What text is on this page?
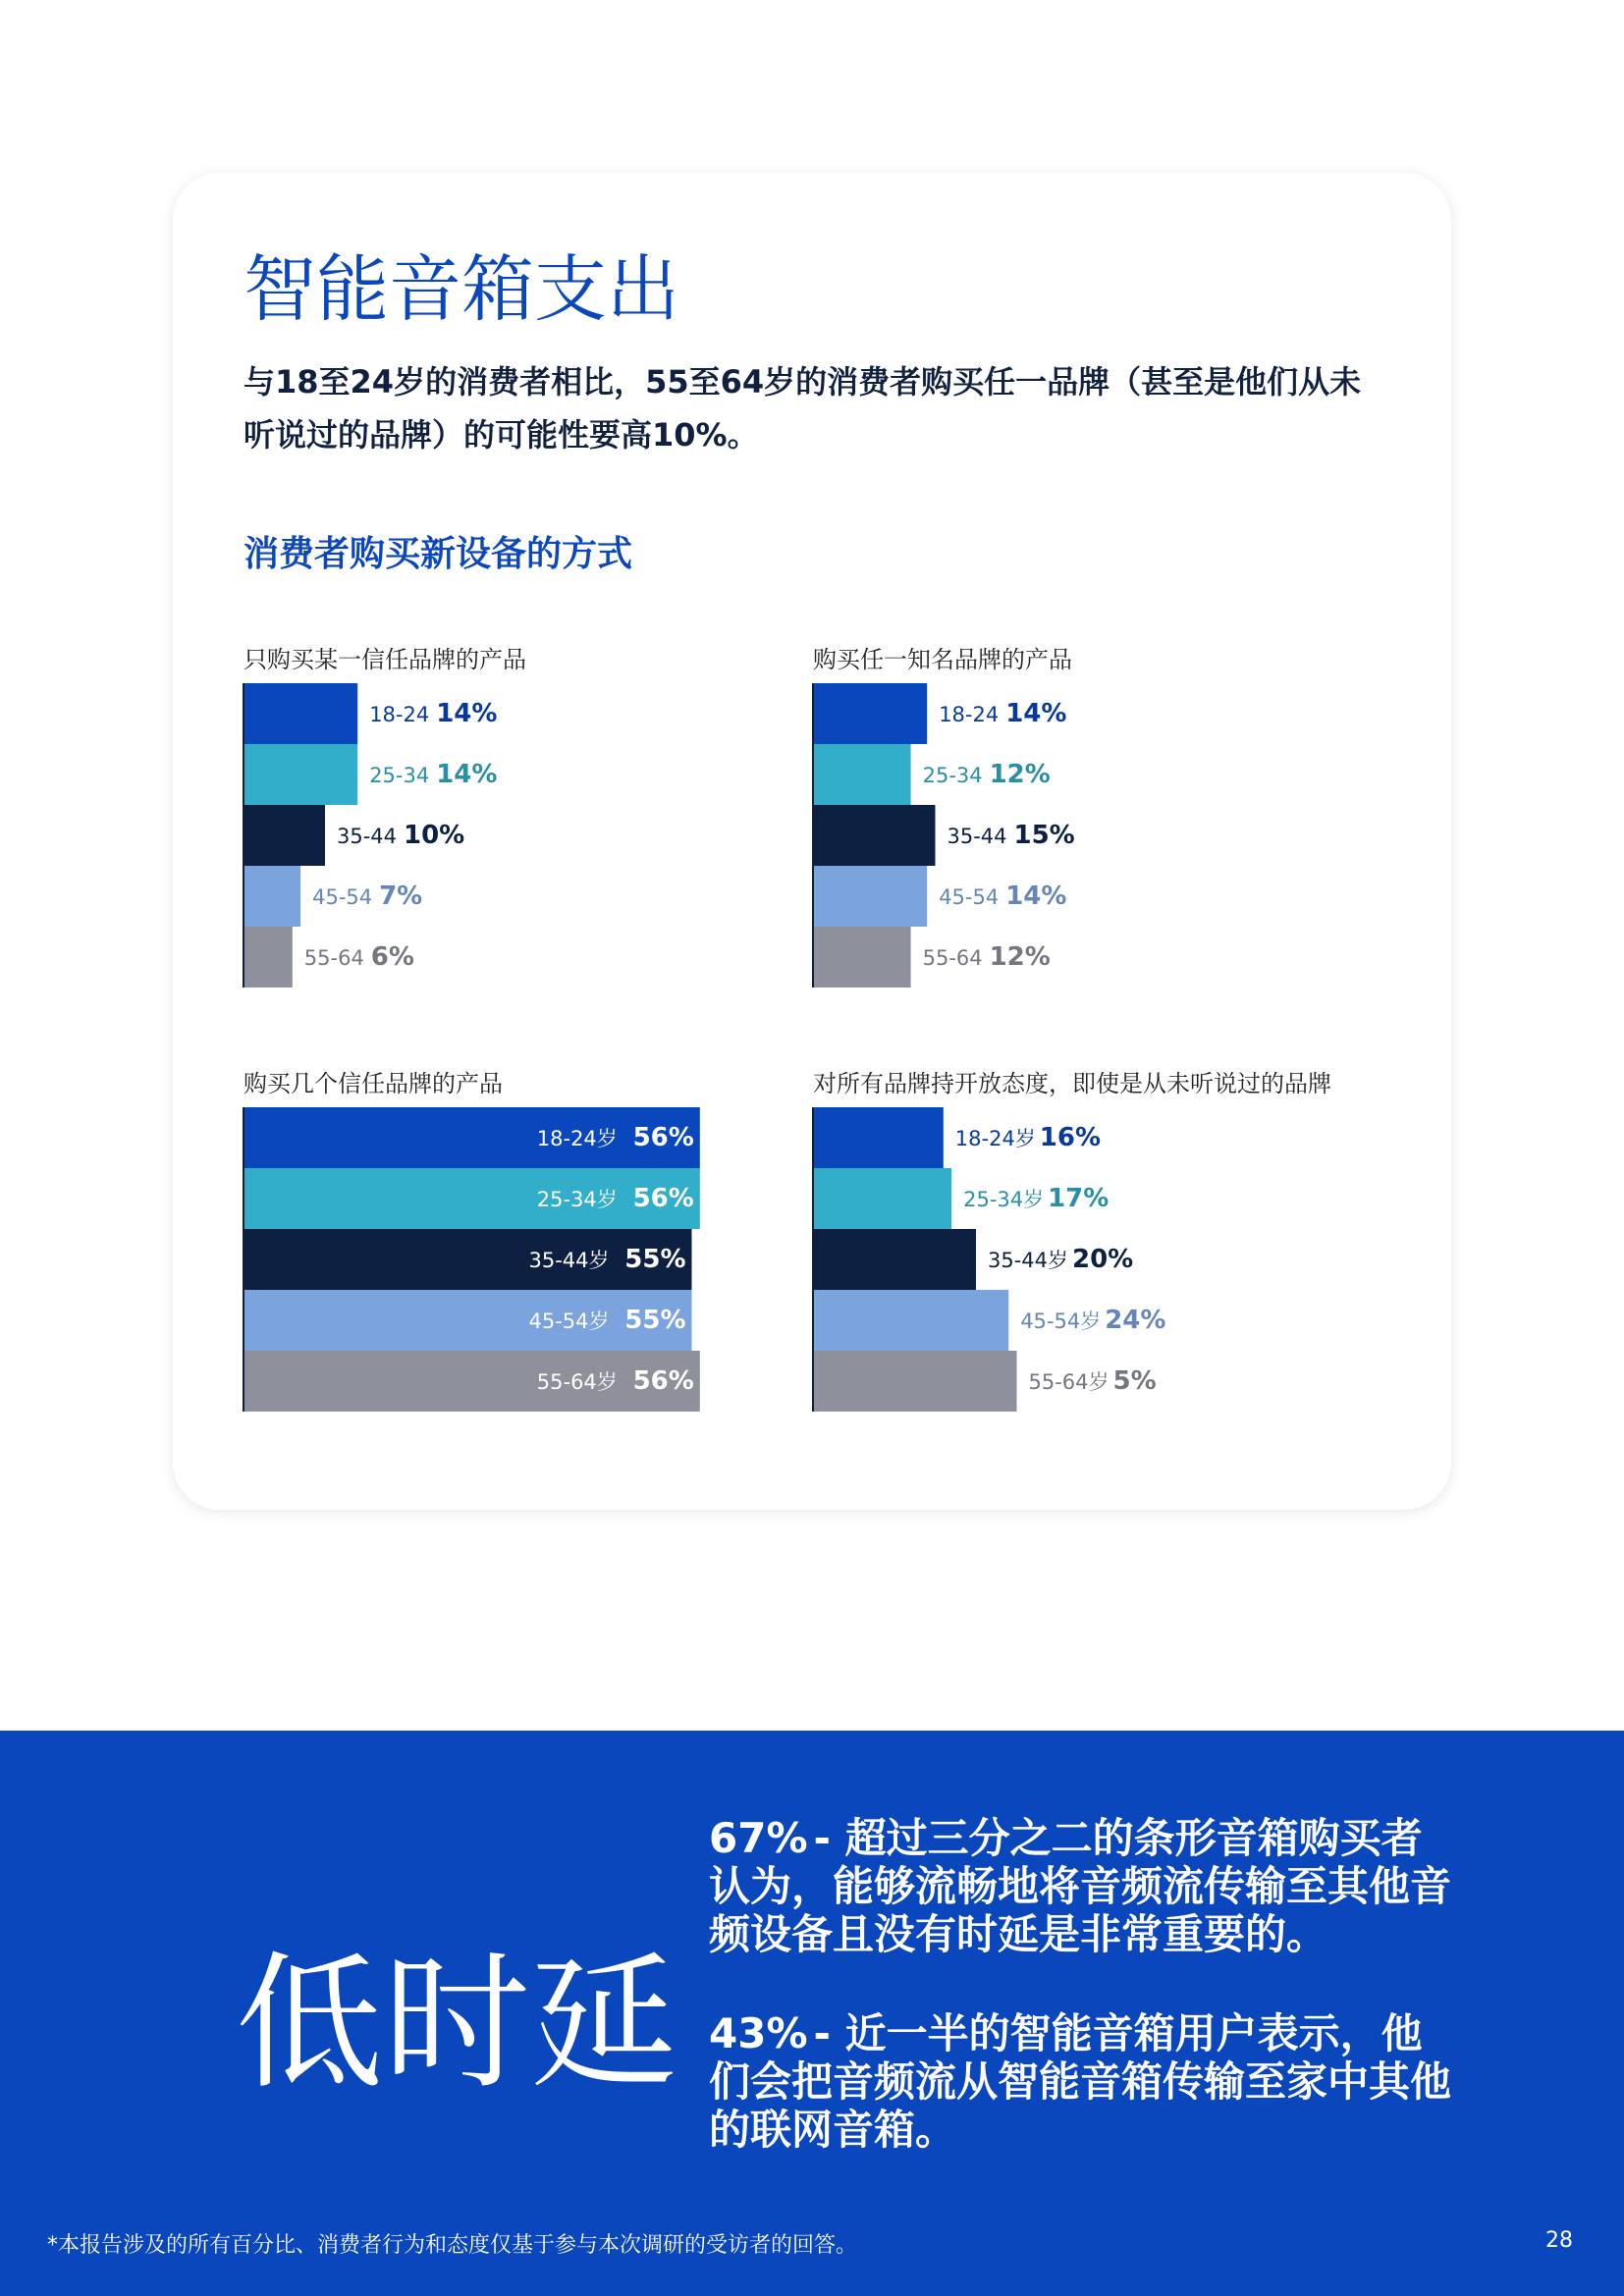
智能音箱支出

与18至24岁的消费者相比，55至64岁的消费者购买任一品牌（甚至是他们从未听说过的品牌）的可能性要高10%。

消费者购买新设备的方式

只购买某一信任品牌的产品

18-24 14%
25-34 14%
35-44 10%
45-54 7%
55-64 6%

购买任一知名品牌的产品

18-24 14%
25-34 12%
35-44 15%
45-54 14%
55-64 12%

购买几个信任品牌的产品

18-24岁 56%
25-34岁 56%
35-44岁 55%
45-54岁 55%
55-64岁 56%

对所有品牌持开放态度，即使是从未听说过的品牌

18-24岁 16%
25-34岁 17%
35-44岁 20%
45-54岁 24%
55-64岁 5%
低时延

67% - 超过三分之二的条形音箱购买者认为，能够流畅地将音频流传输至其他音频设备且没有时延是非常重要的。

43% - 近一半的智能音箱用户表示，他们会把音频流从智能音箱传输至家中其他的联网音箱。

*本报告涉及的所有百分比、消费者行为和态度仅基于参与本次调研的受访者的回答。	28
